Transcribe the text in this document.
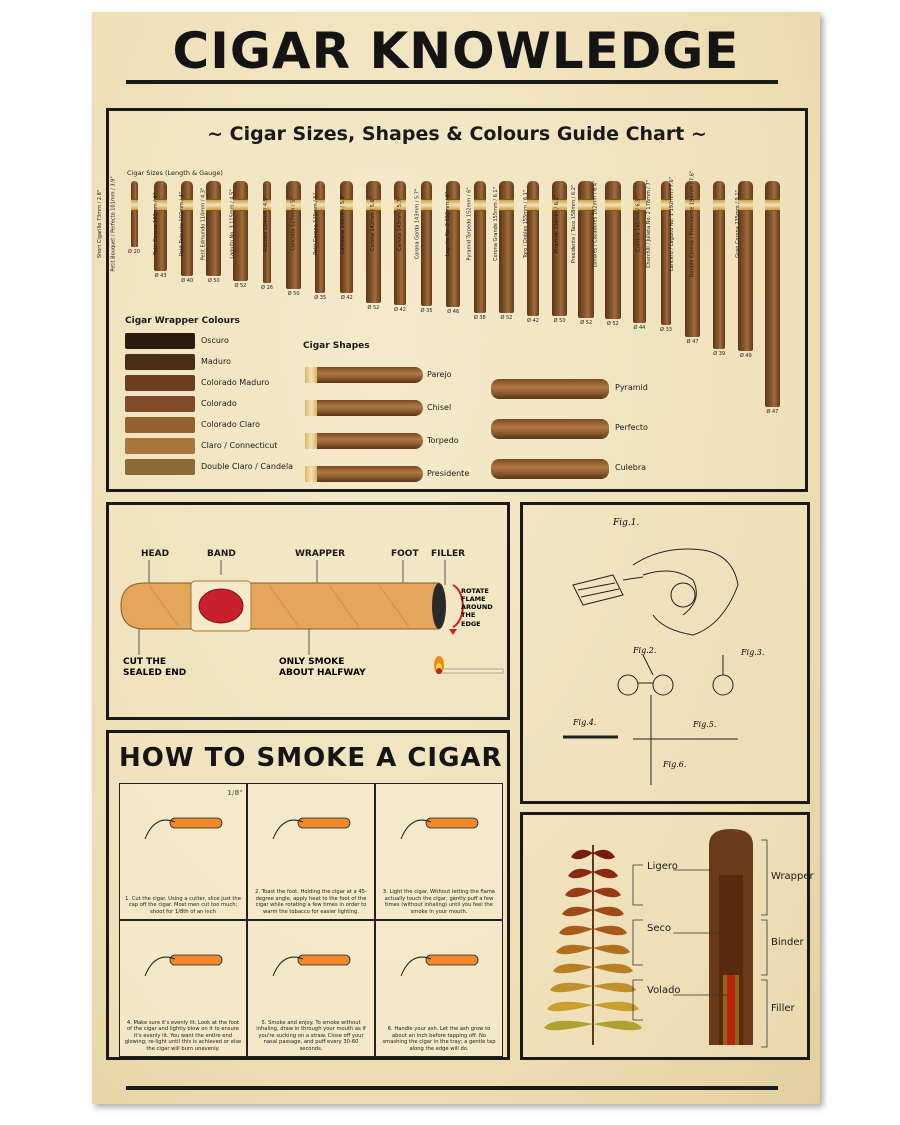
CIGAR KNOWLEDGE
~ Cigar Sizes, Shapes & Colours Guide Chart ~
Cigar Sizes (Length & Gauge)
Short Cigarillo 73mm / 2.8"	Ø 20
Petit Bouquet / Perfecto 101mm / 3.9"
Ø 43
Petit Corona 102mm / 4"
Ø 40
Petit Robusto 102mm / 4"
Ø 50
Petit Edmundo 110mm / 4.3"
Ø 52
Laguito No. 3 115mm / 4.5"
Ø 26
Robusto 124mm / 4.9"
Ø 50
Conchita 127mm / 5"
Ø 35
Petit Corona 129mm / 5"
Ø 42
Campana 140mm / 5.5"
Ø 52
Corona 142mm / 5.6"
Ø 42
Carlota 143mm / 5.7"
Ø 35
Corona Gorda 143mm / 5.7"
Ø 46
Laguito No. 2 152mm / 6"
Ø 38
Pyramid Torpedo 152mm / 6"
Ø 52
Corona Grande 155mm / 6.1"
Ø 42
Toro / Dobles 155mm / 6.1"
Ø 50
Piramide 156mm / 6.1"
Ø 52
Presidente / Taco 158mm / 6.2"
Ø 52
Londres / Cazadores 162mm / 6.4"
Ø 44
Culebra 165mm / 6.5"
Ø 33
Churchill / Julieta No. 2 178mm / 7"
Ø 47
Lancero / Laguito No. 1 192mm / 7.6"
Ø 39
Double Corona / Prominente 194mm / 7.6"
Ø 49
Gran Corona 235mm / 9.2"
Ø 47
Cigar Wrapper Colours
Oscuro
Maduro
Colorado Maduro
Colorado
Colorado Claro
Claro / Connecticut
Double Claro / Candela
Cigar Shapes
Parejo
Chisel
Torpedo
Presidente
Pyramid
Perfecto
Culebra
HEAD	BAND	WRAPPER	FOOT FILLER
ROTATE
FLAME
AROUND
THE
EDGE
CUT THE
SEALED END
ONLY SMOKE
ABOUT HALFWAY
Fig.1.
Fig.2.	Fig.3.
Fig.4.	Fig.5.
Fig.6.
HOW TO SMOKE A CIGAR
1. Cut the cigar. Using a cutter, slice just the cap off the cigar. Most men cut too much; shoot for 1/8th of an inch
2. Toast the foot. Holding the cigar at a 45-degree angle, apply heat to the foot of the cigar while rotating a few times in order to warm the tobacco for easier lighting.
3. Light the cigar. Without letting the flame actually touch the cigar, gently puff a few times (without inhaling) until you feel the smoke in your mouth.
4. Make sure it's evenly lit. Look at the foot of the cigar and lightly blow on it to ensure it's evenly lit. You want the entire end glowing; re-light until this is achieved or else the cigar will burn unevenly.
5. Smoke and enjoy. To smoke without inhaling, draw in through your mouth as if you're sucking on a straw. Close off your nasal passage, and puff every 30-60 seconds.
6. Handle your ash. Let the ash grow to about an inch before tapping off. No smashing the cigar in the tray; a gentle tap along the edge will do.
Ligero
Seco
Volado
Wrapper
Binder
Filler
